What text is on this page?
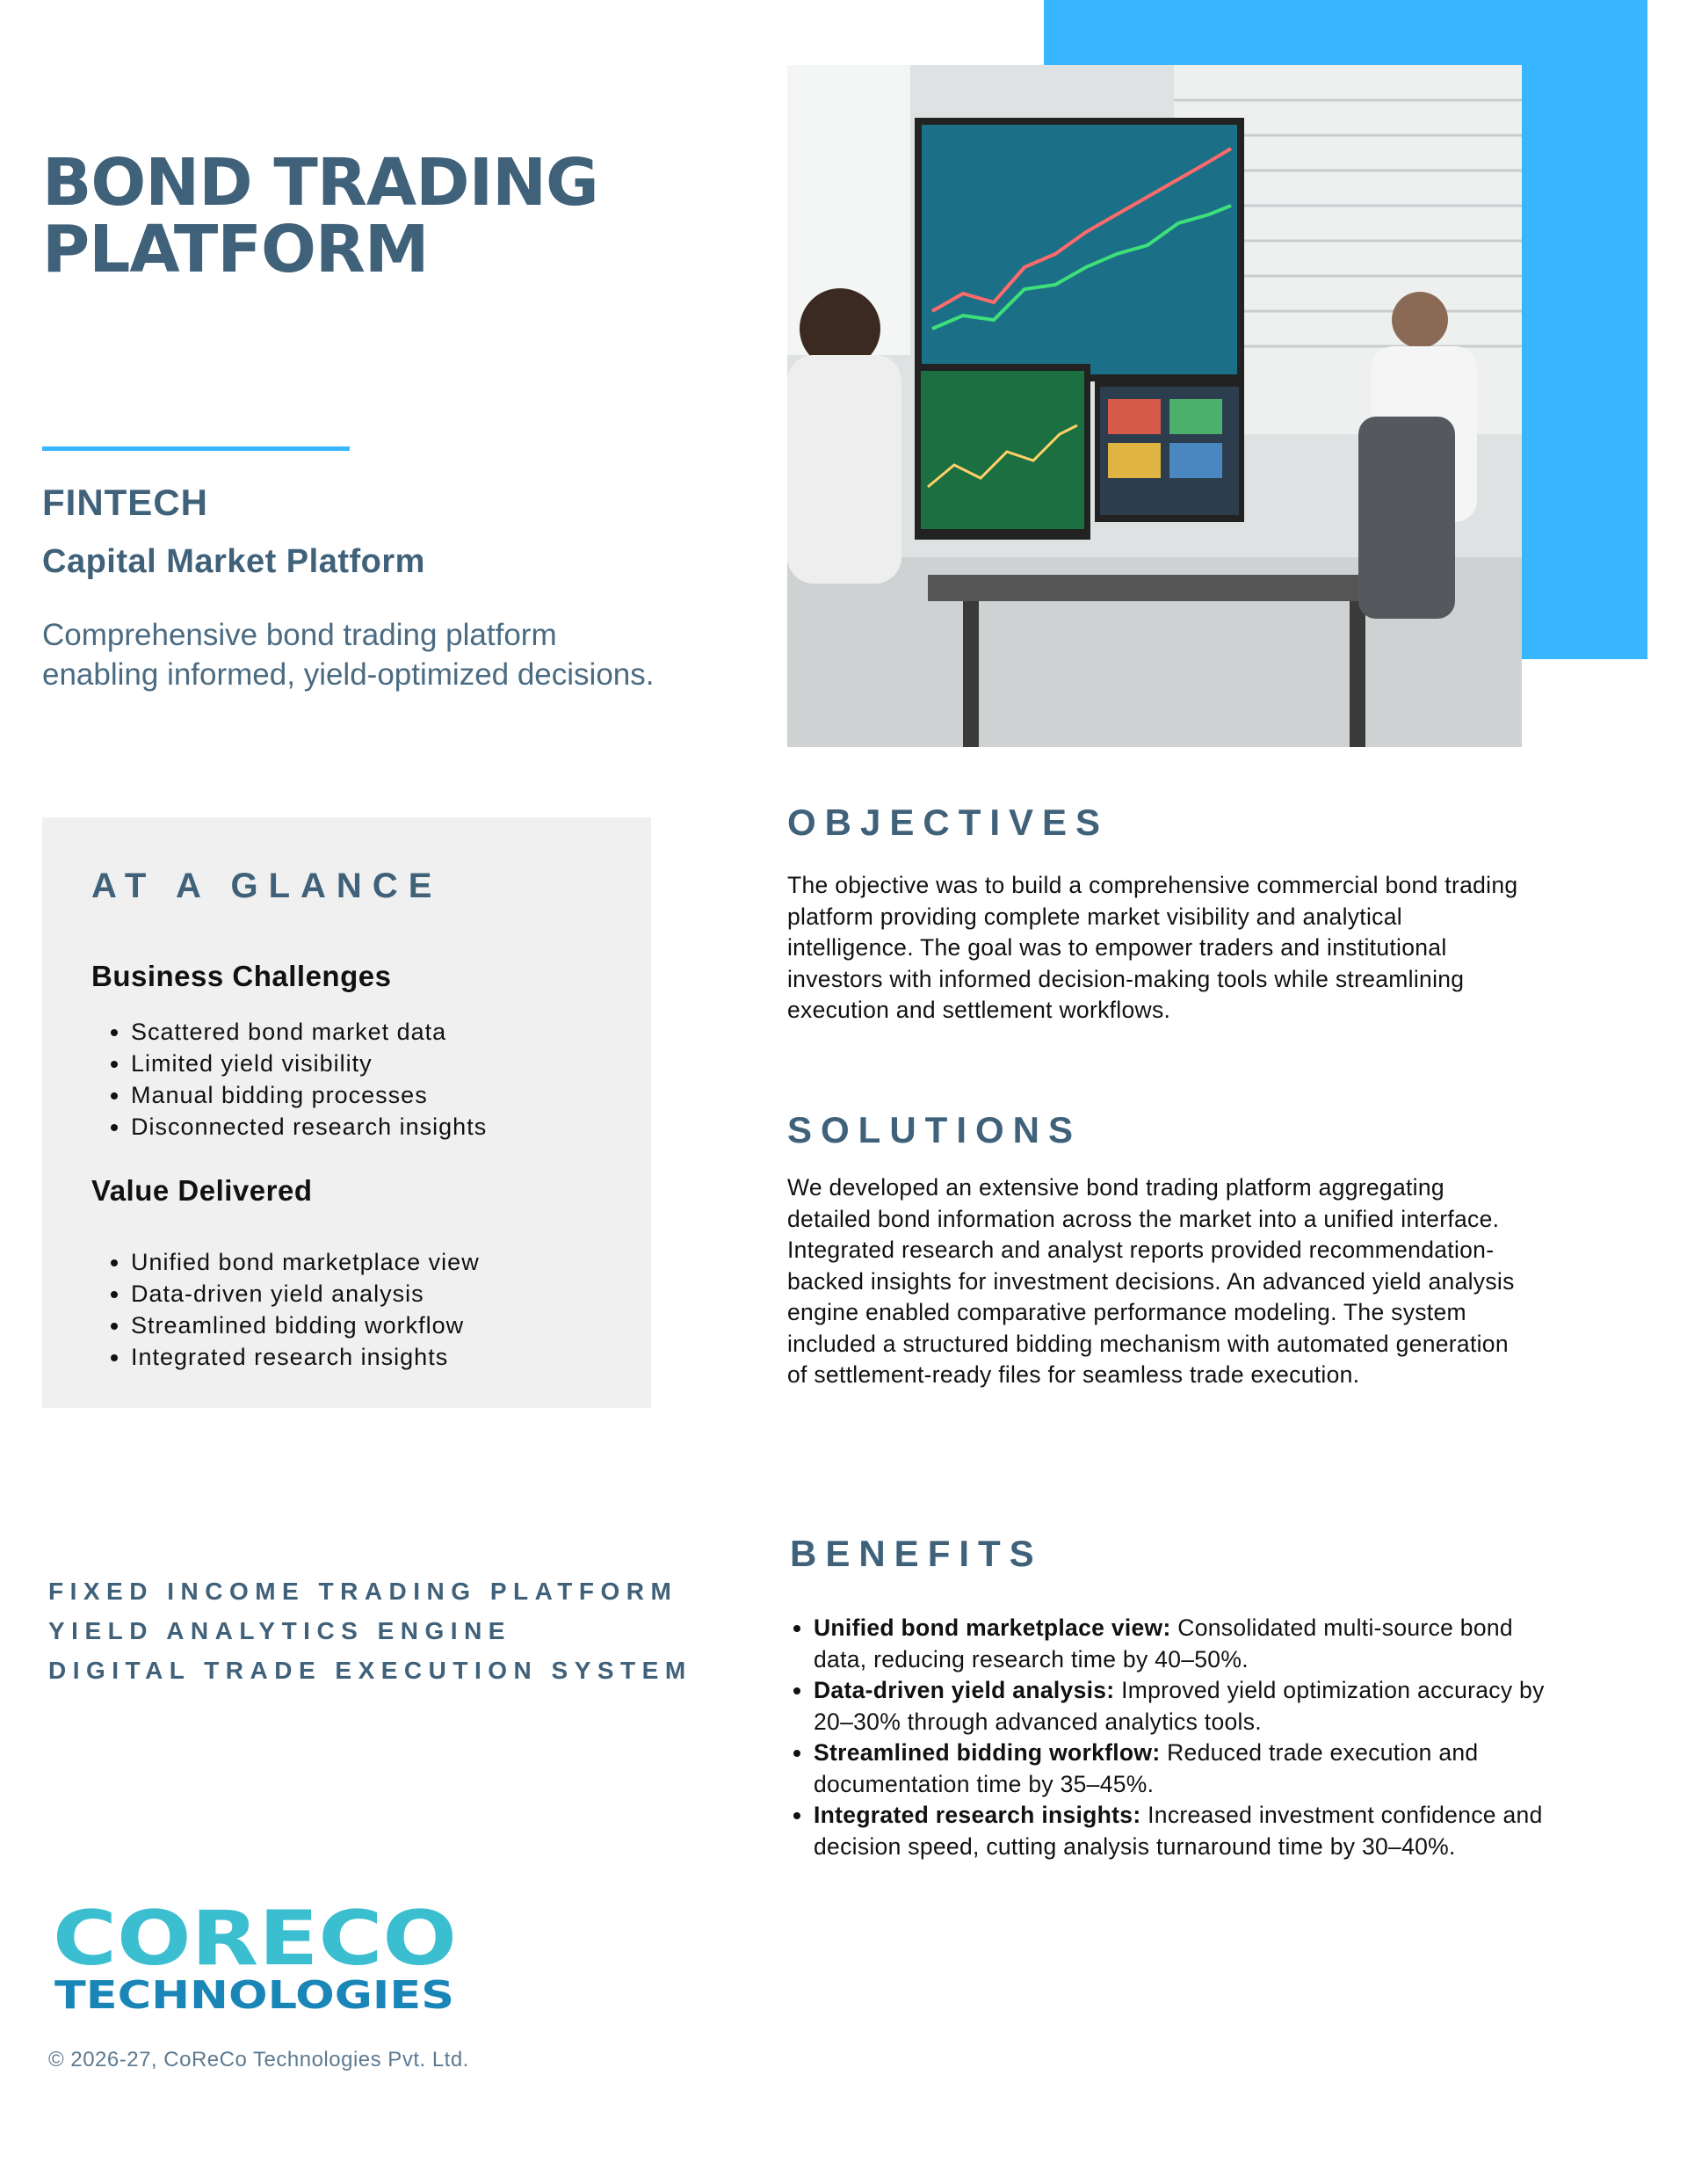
BOND TRADING
PLATFORM
FINTECH
Capital Market Platform
Comprehensive bond trading platform enabling informed, yield-optimized decisions.
AT A GLANCE
Business Challenges
• Scattered bond market data
• Limited yield visibility
• Manual bidding processes
• Disconnected research insights
Value Delivered
• Unified bond marketplace view
• Data-driven yield analysis
• Streamlined bidding workflow
• Integrated research insights
OBJECTIVES
The objective was to build a comprehensive commercial bond trading platform providing complete market visibility and analytical intelligence. The goal was to empower traders and institutional investors with informed decision-making tools while streamlining execution and settlement workflows.
SOLUTIONS
We developed an extensive bond trading platform aggregating detailed bond information across the market into a unified interface. Integrated research and analyst reports provided recommendation-backed insights for investment decisions. An advanced yield analysis engine enabled comparative performance modeling. The system included a structured bidding mechanism with automated generation of settlement-ready files for seamless trade execution.
BENEFITS
• Unified bond marketplace view: Consolidated multi-source bond data, reducing research time by 40–50%.
• Data-driven yield analysis: Improved yield optimization accuracy by 20–30% through advanced analytics tools.
• Streamlined bidding workflow: Reduced trade execution and documentation time by 35–45%.
• Integrated research insights: Increased investment confidence and decision speed, cutting analysis turnaround time by 30–40%.
FIXED INCOME TRADING PLATFORM
YIELD ANALYTICS ENGINE
DIGITAL TRADE EXECUTION SYSTEM
CORECO
TECHNOLOGIES
© 2026-27, CoReCo Technologies Pvt. Ltd.
